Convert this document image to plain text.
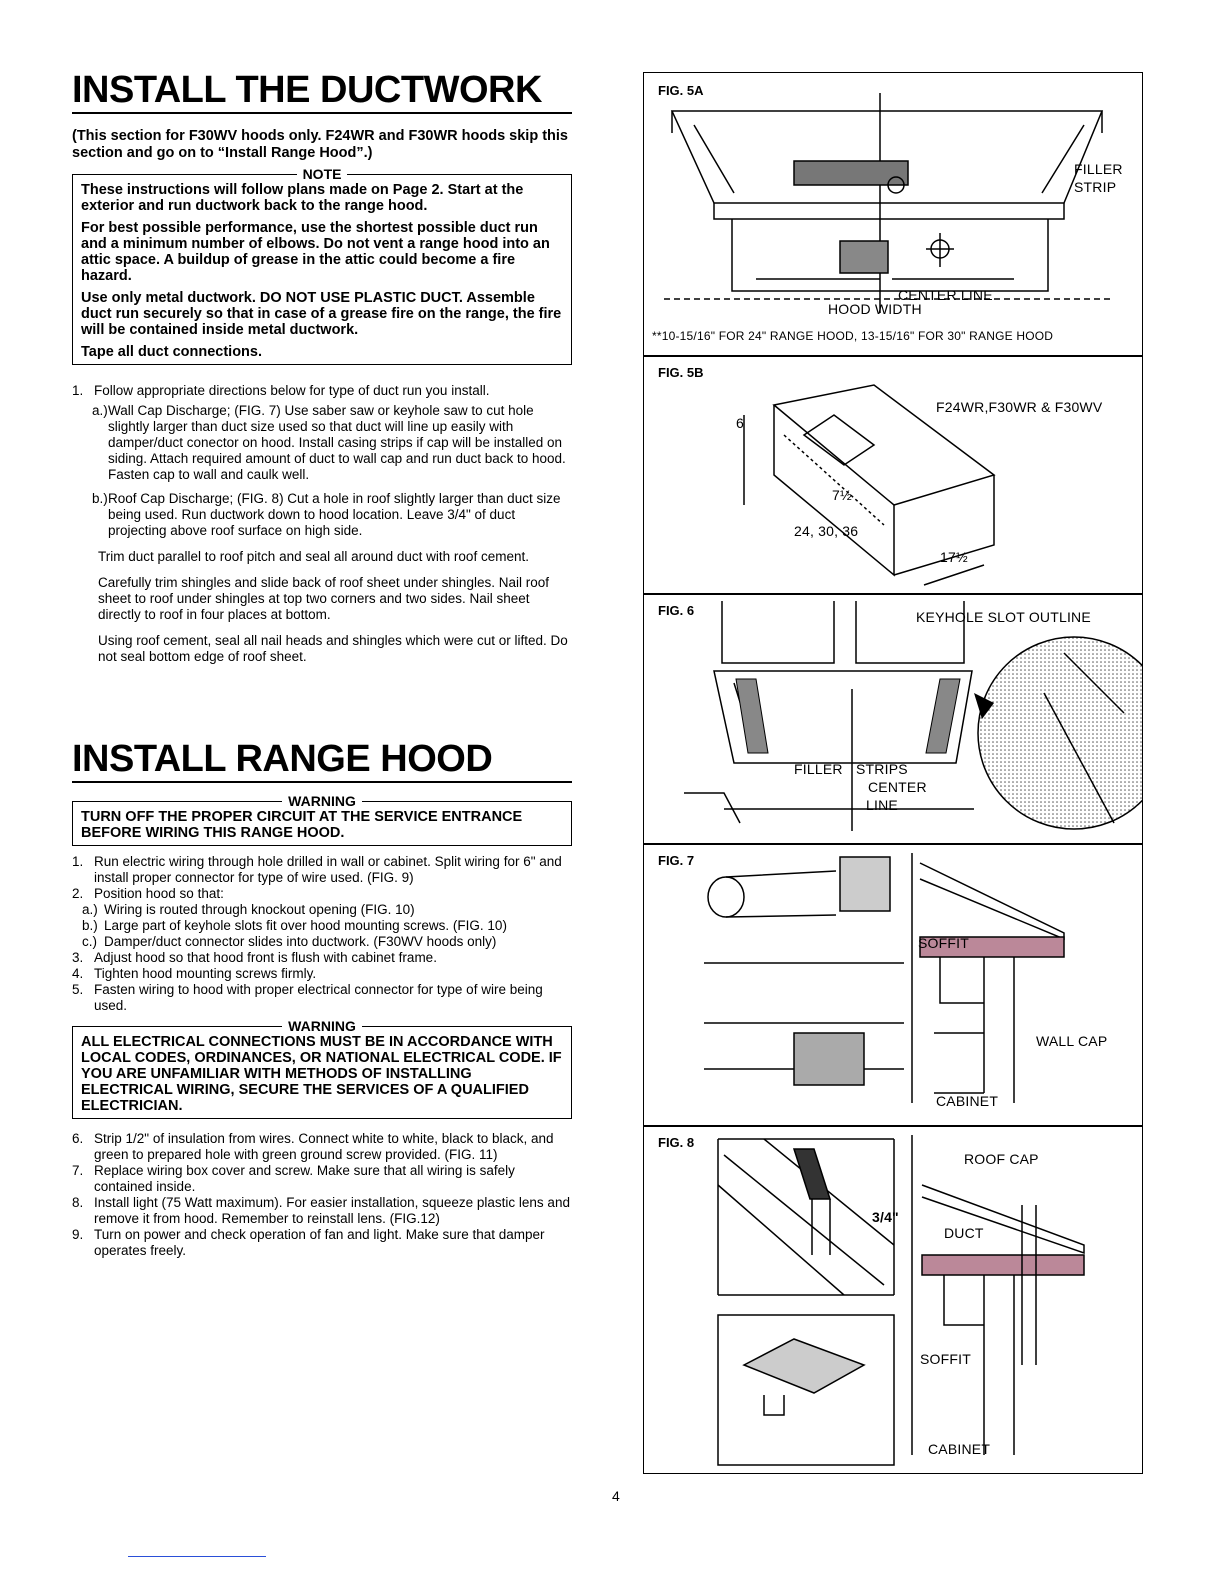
INSTALL THE DUCTWORK

(This section for F30WV hoods only. F24WR and F30WR hoods skip this section and go on to “Install Range Hood”.)

NOTE

These instructions will follow plans made on Page 2. Start at the exterior and run ductwork back to the range hood.

For best possible performance, use the shortest possible duct run and a minimum number of elbows. Do not vent a range hood into an attic space. A buildup of grease in the attic could become a fire hazard.

Use only metal ductwork. DO NOT USE PLASTIC DUCT. Assemble duct run securely so that in case of a grease fire on the range, the fire will be contained inside metal ductwork.

Tape all duct connections.

1. Follow appropriate directions below for type of duct run you install.
a.) Wall Cap Discharge; (FIG. 7) Use saber saw or keyhole saw to cut hole slightly larger than duct size used so that duct will line up easily with damper/duct conector on hood. Install casing strips if cap will be installed on siding. Attach required amount of duct to wall cap and run duct back to hood. Fasten cap to wall and caulk well.
b.) Roof Cap Discharge; (FIG. 8) Cut a hole in roof slightly larger than duct size being used. Run ductwork down to hood location. Leave 3/4" of duct projecting above roof surface on high side.
Trim duct parallel to roof pitch and seal all around duct with roof cement.
Carefully trim shingles and slide back of roof sheet under shingles. Nail roof sheet to roof under shingles at top two corners and two sides. Nail sheet directly to roof in four places at bottom.
Using roof cement, seal all nail heads and shingles which were cut or lifted. Do not seal bottom edge of roof sheet.
INSTALL RANGE HOOD
WARNING

TURN OFF THE PROPER CIRCUIT AT THE SERVICE ENTRANCE BEFORE WIRING THIS RANGE HOOD.

1. Run electric wiring through hole drilled in wall or cabinet. Split wiring for 6" and install proper connector for type of wire used. (FIG. 9)
2. Position hood so that:
a.) Wiring is routed through knockout opening (FIG. 10)
b.) Large part of keyhole slots fit over hood mounting screws. (FIG. 10)
c.) Damper/duct connector slides into ductwork. (F30WV hoods only)
3. Adjust hood so that hood front is flush with cabinet frame.
4. Tighten hood mounting screws firmly.
5. Fasten wiring to hood with proper electrical connector for type of wire being used.
WARNING

ALL ELECTRICAL CONNECTIONS MUST BE IN ACCORDANCE WITH LOCAL CODES, ORDINANCES, OR NATIONAL ELECTRICAL CODE. IF YOU ARE UNFAMILIAR WITH METHODS OF INSTALLING ELECTRICAL WIRING, SECURE THE SERVICES OF A QUALIFIED ELECTRICIAN.

6. Strip 1/2" of insulation from wires. Connect white to white, black to black, and green to prepared hole with green ground screw provided. (FIG. 11)
7. Replace wiring box cover and screw. Make sure that all wiring is safely contained inside.
8. Install light (75 Watt maximum). For easier installation, squeeze plastic lens and remove it from hood. Remember to reinstall lens. (FIG.12)
9. Turn on power and check operation of fan and light. Make sure that damper operates freely.
FIG. 5A
FILLER
STRIP
CENTER LINE
HOOD WIDTH
**10-15/16" FOR 24" RANGE HOOD, 13-15/16" FOR 30" RANGE HOOD
FIG. 5B
F24WR,F30WR & F30WV
6
7½
24, 30, 36
17½
FIG. 6	KEYHOLE SLOT OUTLINE
FILLER STRIPS
CENTER
LINE
FIG. 7
SOFFIT
WALL CAP
CABINET
FIG. 8
ROOF CAP
DUCT
3/4"
SOFFIT
CABINET
4
